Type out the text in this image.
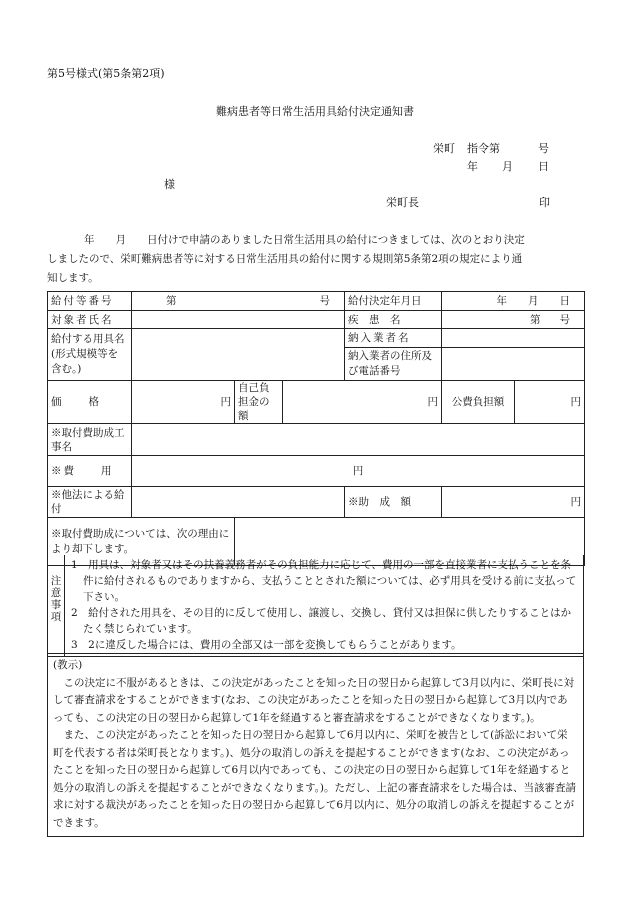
第5号様式(第5条第2項)
難病患者等日常生活用具給付決定通知書
栄町 指令第	号
年 月 日
様
栄町長	印
年　　月　　日付けで申請のありました日常生活用具の給付につきましては、次のとおり決定
しましたので、栄町難病患者等に対する日常生活用具の給付に関する規則第5条第2項の規定により通
知します。
給付等番号	第 号			給付決定年月日	年　　月　　日	
対象者氏名				疾　患　名	第 号	

給付する用具名(形式規模等を含む。)				納入業者名		
				納入業者の住所及び電話番号		
価　　格	円	自己負担金の額	円		公費負担額	円
※取付費助成工事名						
※費　　用	円					
※他法による給付				※助　成　額	円	
※取付費助成については、次の理由により却下します。						
注意事項
1　用具は、対象者又はその扶養義務者がその負担能力に応じて、費用の一部を直接業者に支払うことを条件に給付されるものでありますから、支払うこととされた額については、必ず用具を受ける前に支払って下さい。
2　給付された用具を、その目的に反して使用し、譲渡し、交換し、貸付又は担保に供したりすることはかたく禁じられています。
3　2に違反した場合には、費用の全部又は一部を変換してもらうことがあります。
(教示)

この決定に不服があるときは、この決定があったことを知った日の翌日から起算して3月以内に、栄町長に対して審査請求をすることができます(なお、この決定があったことを知った日の翌日から起算して3月以内であっても、この決定の日の翌日から起算して1年を経過すると審査請求をすることができなくなります。)。

また、この決定があったことを知った日の翌日から起算して6月以内に、栄町を被告として(訴訟において栄町を代表する者は栄町長となります。)、処分の取消しの訴えを提起することができます(なお、この決定があったことを知った日の翌日から起算して6月以内であっても、この決定の日の翌日から起算して1年を経過すると処分の取消しの訴えを提起することができなくなります。)。ただし、上記の審査請求をした場合は、当該審査請求に対する裁決があったことを知った日の翌日から起算して6月以内に、処分の取消しの訴えを提起することができます。
